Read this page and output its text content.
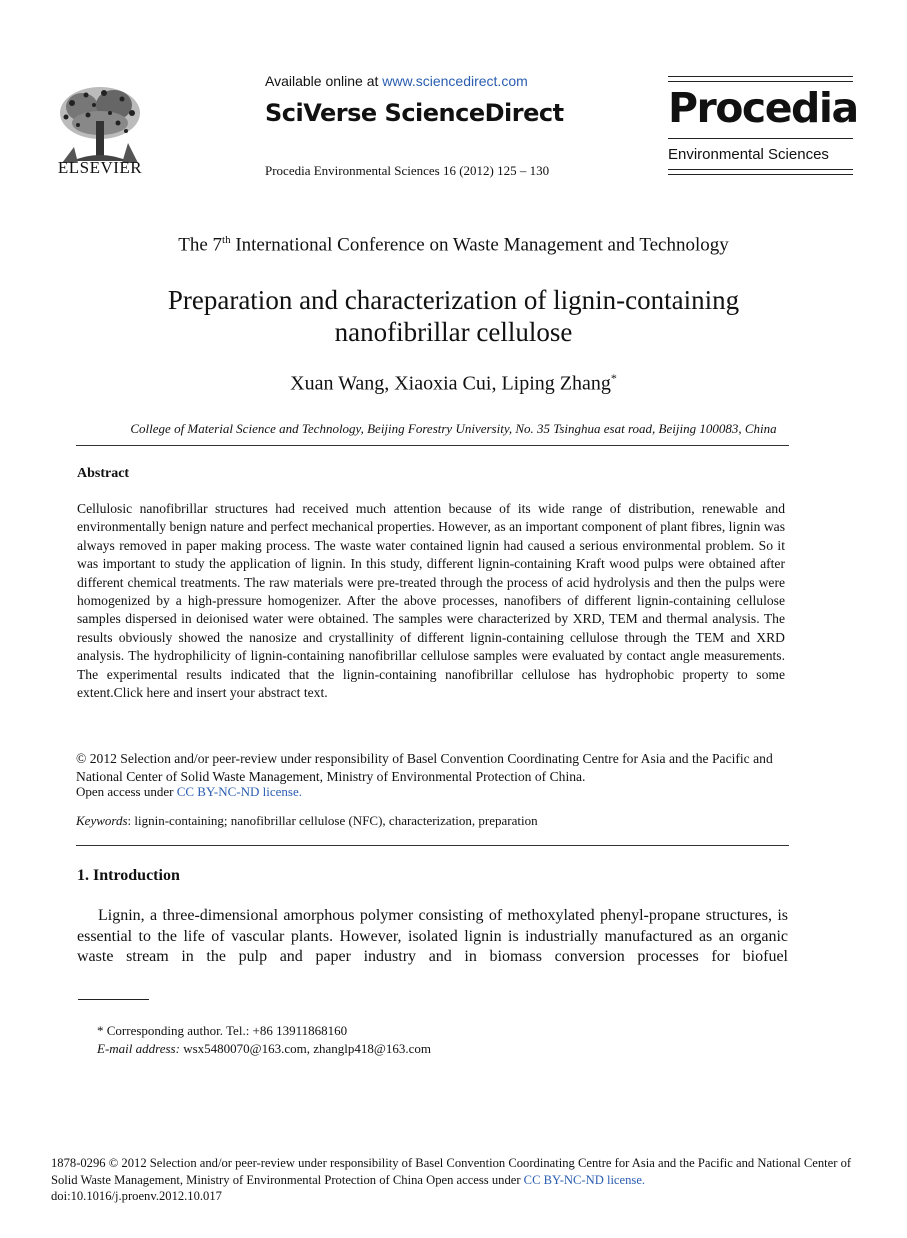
ELSEVIER
Available online at www.sciencedirect.com
SciVerse ScienceDirect
Procedia Environmental Sciences 16 (2012) 125 – 130
Procedia
Environmental Sciences
The 7th International Conference on Waste Management and Technology
Preparation and characterization of lignin-containing
nanofibrillar cellulose
Xuan Wang, Xiaoxia Cui, Liping Zhang*
College of Material Science and Technology, Beijing Forestry University, No. 35 Tsinghua esat road, Beijing 100083, China
Abstract
Cellulosic nanofibrillar structures had received much attention because of its wide range of distribution, renewable and environmentally benign nature and perfect mechanical properties. However, as an important component of plant fibres, lignin was always removed in paper making process. The waste water contained lignin had caused a serious environmental problem. So it was important to study the application of lignin. In this study, different lignin-containing Kraft wood pulps were obtained after different chemical treatments. The raw materials were pre-treated through the process of acid hydrolysis and then the pulps were homogenized by a high-pressure homogenizer. After the above processes, nanofibers of different lignin-containing cellulose samples dispersed in deionised water were obtained. The samples were characterized by XRD, TEM and thermal analysis. The results obviously showed the nanosize and crystallinity of different lignin-containing cellulose through the TEM and XRD analysis. The hydrophilicity of lignin-containing nanofibrillar cellulose samples were evaluated by contact angle measurements. The experimental results indicated that the lignin-containing nanofibrillar cellulose has hydrophobic property to some extent.Click here and insert your abstract text.
© 2012 Selection and/or peer-review under responsibility of Basel Convention Coordinating Centre for Asia and the Pacific and National Center of Solid Waste Management, Ministry of Environmental Protection of China.
Open access under CC BY-NC-ND license.
Keywords: lignin-containing; nanofibrillar cellulose (NFC), characterization, preparation
1. Introduction
Lignin, a three-dimensional amorphous polymer consisting of methoxylated phenyl-propane structures, is essential to the life of vascular plants. However, isolated lignin is industrially manufactured as an organic waste stream in the pulp and paper industry and in biomass conversion processes for biofuel
* Corresponding author. Tel.: +86 13911868160
E-mail address: wsx5480070@163.com, zhanglp418@163.com
1878-0296 © 2012 Selection and/or peer-review under responsibility of Basel Convention Coordinating Centre for Asia and the Pacific and National Center of Solid Waste Management, Ministry of Environmental Protection of China Open access under CC BY-NC-ND license.
doi:10.1016/j.proenv.2012.10.017
